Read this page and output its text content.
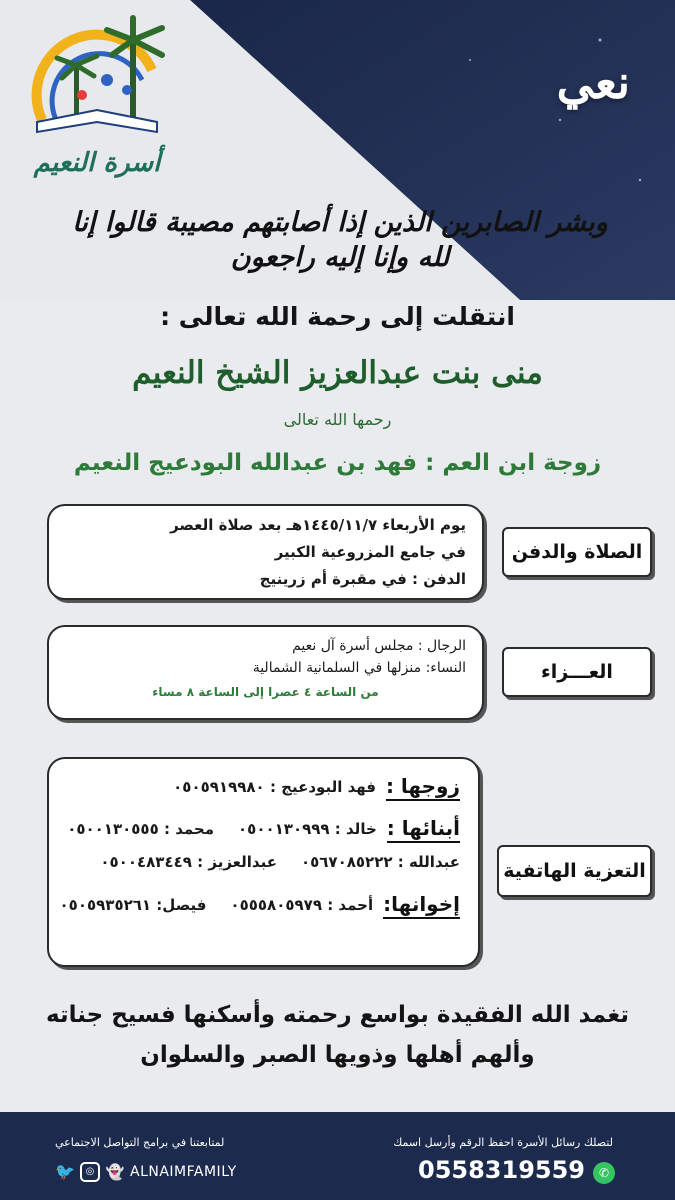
أسرة النعيم
نعي
وبشر الصابرين الذين إذا أصابتهم مصيبة قالوا إنا لله وإنا إليه راجعون
انتقلت إلى رحمة الله تعالى :
منى بنت عبدالعزيز الشيخ النعيم
رحمها الله تعالى
زوجة ابن العم : فهد بن عبدالله البودعيج النعيم
الصلاة والدفن
يوم الأربعاء ١٤٤٥/١١/٧هـ بعد صلاة العصر
في جامع المزروعية الكبير
الدفن : في مقبرة أم زرينيج
العـــزاء
الرجال : مجلس أسرة آل نعيم
النساء: منزلها في السلمانية الشمالية
من الساعة ٤ عصرا إلى الساعة ٨ مساء
التعزية الهاتفية
زوجها :
فهد البودعيج : ٠٥٠٥٩١٩٩٨٠
أبنائها :
خالد : ٠٥٠٠١٣٠٩٩٩
محمد : ٠٥٠٠١٣٠٥٥٥
عبدالله : ٠٥٦٧٠٨٥٢٢٢
عبدالعزيز : ٠٥٠٠٤٨٣٤٤٩
إخوانها:
أحمد : ٠٥٥٥٨٠٥٩٧٩
فيصل: ٠٥٠٥٩٣٥٢٦١
تغمد الله الفقيدة بواسع رحمته وأسكنها فسيح جناته
وألهم أهلها وذويها الصبر والسلوان
لتصلك رسائل الأسرة احفظ الرقم وأرسل اسمك
✆
0558319559
لمتابعتنا في برامج التواصل الاجتماعي
🐦	◎ 👻 ALNAIMFAMILY
